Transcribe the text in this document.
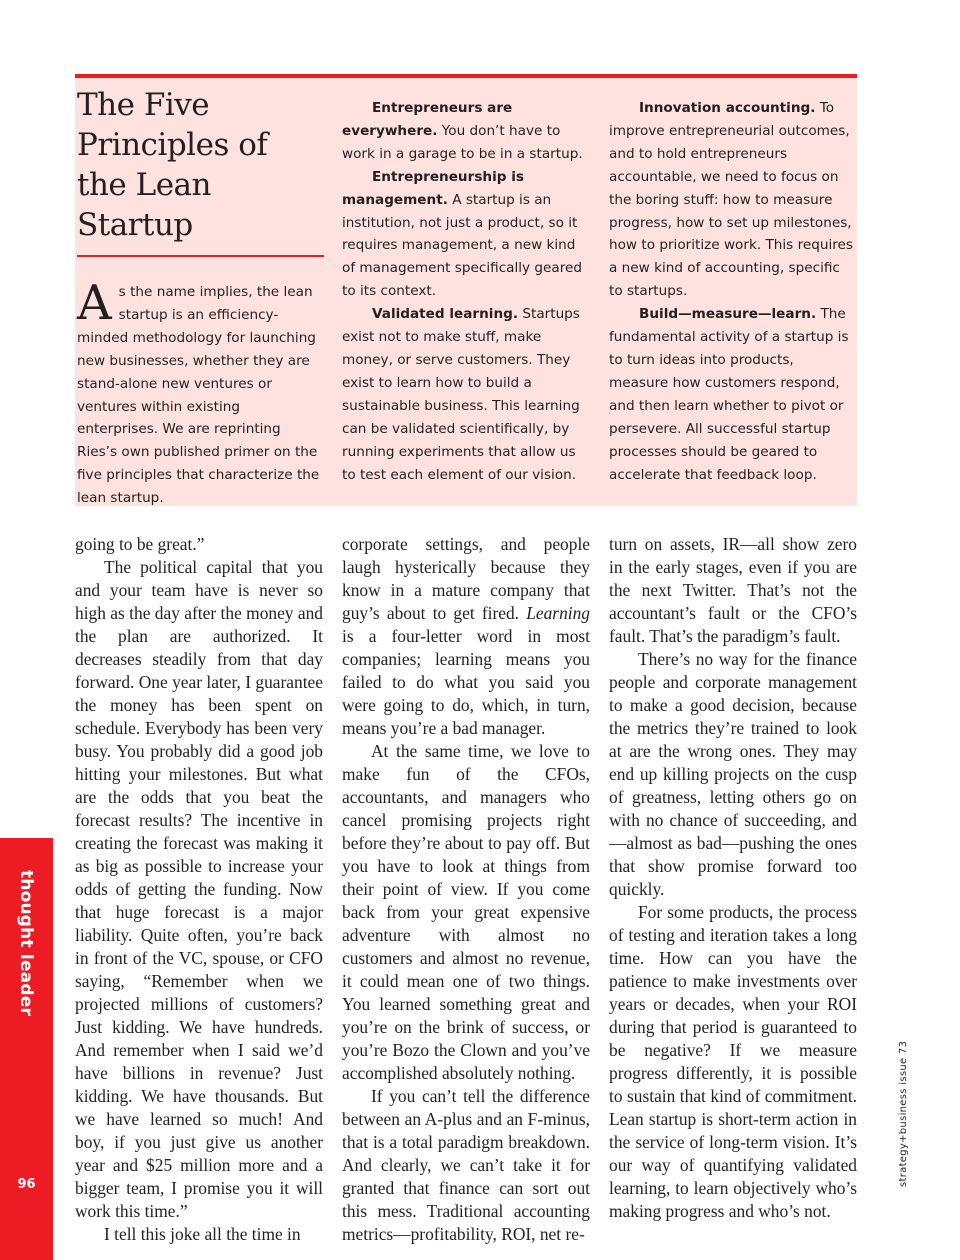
thought leader
96
The Five Principles of the Lean Startup

As the name implies, the lean startup is an efficiency-minded methodology for launching new businesses, whether they are stand-alone new ventures or ventures within existing enterprises. We are reprinting Ries’s own published primer on the five principles that characterize the lean startup.

Entrepreneurs are everywhere. You don’t have to work in a garage to be in a startup.

Entrepreneurship is management. A startup is an institution, not just a product, so it requires management, a new kind of management specifically geared to its context.

Validated learning. Startups exist not to make stuff, make money, or serve customers. They exist to learn how to build a sustainable business. This learning can be validated scientifically, by running experiments that allow us to test each element of our vision.

Innovation accounting. To improve entrepreneurial outcomes, and to hold entrepreneurs accountable, we need to focus on the boring stuff: how to measure progress, how to set up milestones, how to prioritize work. This requires a new kind of accounting, specific to startups.

Build—measure—learn. The fundamental activity of a startup is to turn ideas into products, measure how customers respond, and then learn whether to pivot or persevere. All successful startup processes should be geared to accelerate that feedback loop.

going to be great.”

The political capital that you and your team have is never so high as the day after the money and the plan are authorized. It decreases steadily from that day forward. One year later, I guarantee the money has been spent on schedule. Everybody has been very busy. You probably did a good job hitting your milestones. But what are the odds that you beat the forecast results? The incentive in creating the forecast was making it as big as possible to increase your odds of getting the funding. Now that huge forecast is a major liability. Quite often, you’re back in front of the VC, spouse, or CFO saying, “Remember when we projected millions of customers? Just kidding. We have hundreds. And remember when I said we’d have billions in revenue? Just kidding. We have thousands. But we have learned so much! And boy, if you just give us another year and $25 million more and a bigger team, I promise you it will work this time.”

I tell this joke all the time in

corporate settings, and people laugh hysterically because they know in a mature company that guy’s about to get fired. Learning is a four-letter word in most companies; learning means you failed to do what you said you were going to do, which, in turn, means you’re a bad manager.

At the same time, we love to make fun of the CFOs, accountants, and managers who cancel promising projects right before they’re about to pay off. But you have to look at things from their point of view. If you come back from your great expensive adventure with almost no customers and almost no revenue, it could mean one of two things. You learned something great and you’re on the brink of success, or you’re Bozo the Clown and you’ve accomplished absolutely nothing.

If you can’t tell the difference between an A-plus and an F-minus, that is a total paradigm breakdown. And clearly, we can’t take it for granted that finance can sort out this mess. Traditional accounting metrics—profitability, ROI, net re-

turn on assets, IR—all show zero in the early stages, even if you are the next Twitter. That’s not the accountant’s fault or the CFO’s fault. That’s the paradigm’s fault.

There’s no way for the finance people and corporate management to make a good decision, because the metrics they’re trained to look at are the wrong ones. They may end up killing projects on the cusp of greatness, letting others go on with no chance of succeeding, and—almost as bad—pushing the ones that show promise forward too quickly.

For some products, the process of testing and iteration takes a long time. How can you have the patience to make investments over years or decades, when your ROI during that period is guaranteed to be negative? If we measure progress differently, it is possible to sustain that kind of commitment. Lean startup is short-term action in the service of long-term vision. It’s our way of quantifying validated learning, to learn objectively who’s making progress and who’s not.

strategy+business issue 73
